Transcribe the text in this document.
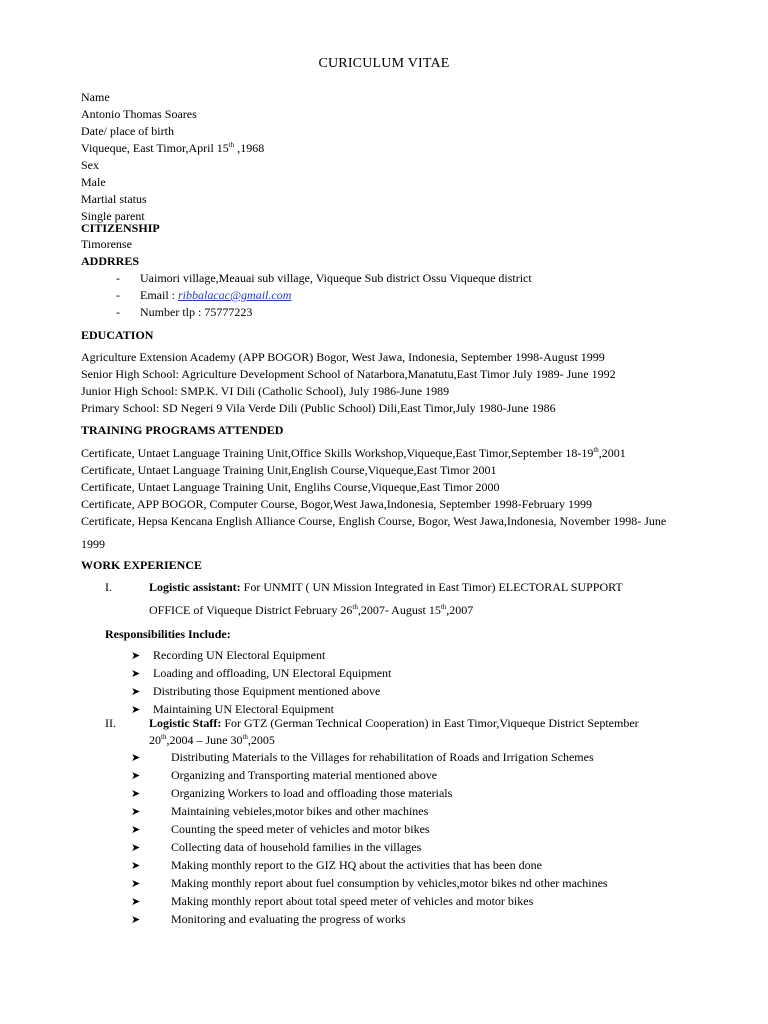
CURICULUM VITAE
Name
Antonio Thomas Soares
Date/ place of birth
Viqueque, East Timor,April 15th ,1968
Sex
Male
Martial status
Single parent
CITIZENSHIP
Timorense
ADDRRES
- Uaimori village,Meauai sub village, Viqueque Sub district Ossu Viqueque district
- Email : ribbalacac@gmail.com
- Number tlp : 75777223
EDUCATION
Agriculture Extension Academy (APP BOGOR) Bogor, West Jawa, Indonesia, September 1998-August 1999
Senior High School: Agriculture Development School of Natarbora,Manatutu,East Timor July 1989- June 1992
Junior High School: SMP.K. VI Dili (Catholic School), July 1986-June 1989
Primary School: SD Negeri 9 Vila Verde Dili (Public School) Dili,East Timor,July 1980-June 1986
TRAINING PROGRAMS ATTENDED
Certificate, Untaet Language Training Unit,Office Skills Workshop,Viqueque,East Timor,September 18-19th,2001
Certificate, Untaet Language Training Unit,English Course,Viqueque,East Timor 2001
Certificate, Untaet Language Training Unit, Englihs Course,Viqueque,East Timor 2000
Certificate, APP BOGOR, Computer Course, Bogor,West Jawa,Indonesia, September 1998-February 1999
Certificate, Hepsa Kencana English Alliance Course, English Course, Bogor, West Jawa,Indonesia, November 1998- June
1999
WORK EXPERIENCE
I.	Logistic assistant: For UNMIT ( UN Mission Integrated in East Timor) ELECTORAL SUPPORT
OFFICE of Viqueque District February 26th,2007- August 15th,2007
Responsibilities Include:
➤ Recording UN Electoral Equipment
➤ Loading and offloading, UN Electoral Equipment
➤ Distributing those Equipment mentioned above
➤ Maintaining UN Electoral Equipment
II.	Logistic Staff: For GTZ (German Technical Cooperation) in East Timor,Viqueque District September
20th,2004 – June 30th,2005
➤	Distributing Materials to the Villages for rehabilitation of Roads and Irrigation Schemes
➤	Organizing and Transporting material mentioned above
➤	Organizing Workers to load and offloading those materials
➤	Maintaining vebieles,motor bikes and other machines
➤	Counting the speed meter of vehicles and motor bikes
➤	Collecting data of household families in the villages
➤	Making monthly report to the GIZ HQ about the activities that has been done
➤	Making monthly report about fuel consumption by vehicles,motor bikes nd other machines
➤	Making monthly report about total speed meter of vehicles and motor bikes
➤	Monitoring and evaluating the progress of works
